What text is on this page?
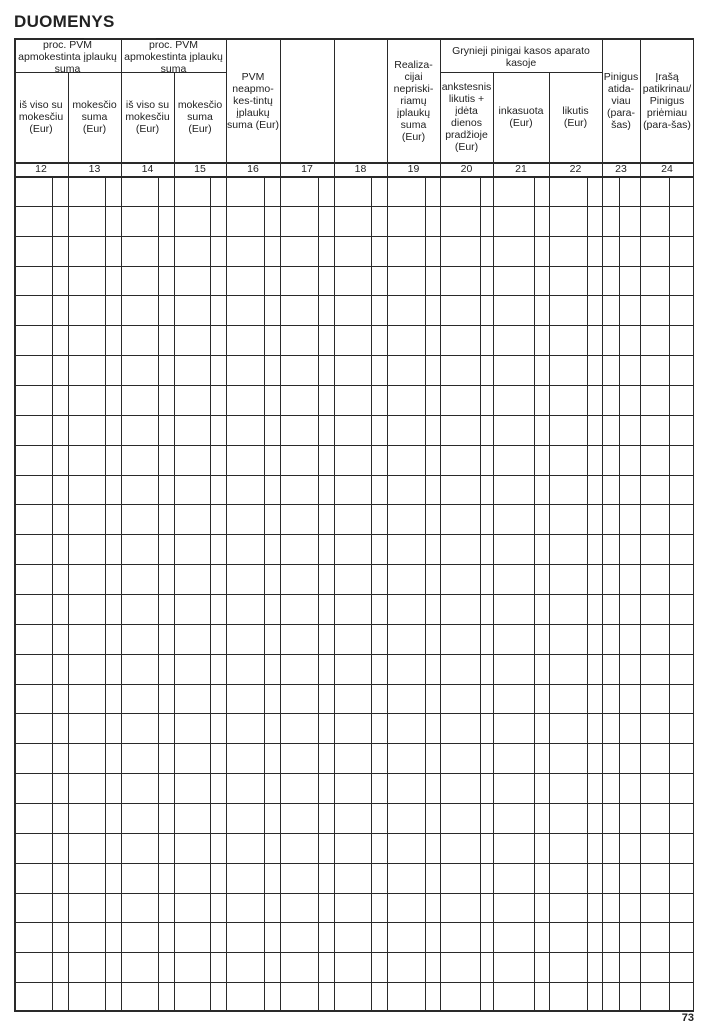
DUOMENYS
proc. PVM apmokestinta įplaukų suma
proc. PVM apmokestinta įplaukų suma
Grynieji pinigai kasos aparato kasoje
iš viso su mokesčiu (Eur)
mokesčio suma (Eur)
iš viso su mokesčiu (Eur)
mokesčio suma (Eur)
PVM neapmo-kes-tintų įplaukų suma (Eur)
Realiza-cijai nepriski-riamų įplaukų suma (Eur)
ankstesnis likutis + įdėta dienos pradžioje (Eur)
inkasuota (Eur)
likutis (Eur)
Pinigus atida-viau (para-šas)
Įrašą patikrinau/ Pinigus priėmiau (para-šas)
12	13	14	15	16	17	18	19	20	21	22	23	24
73
